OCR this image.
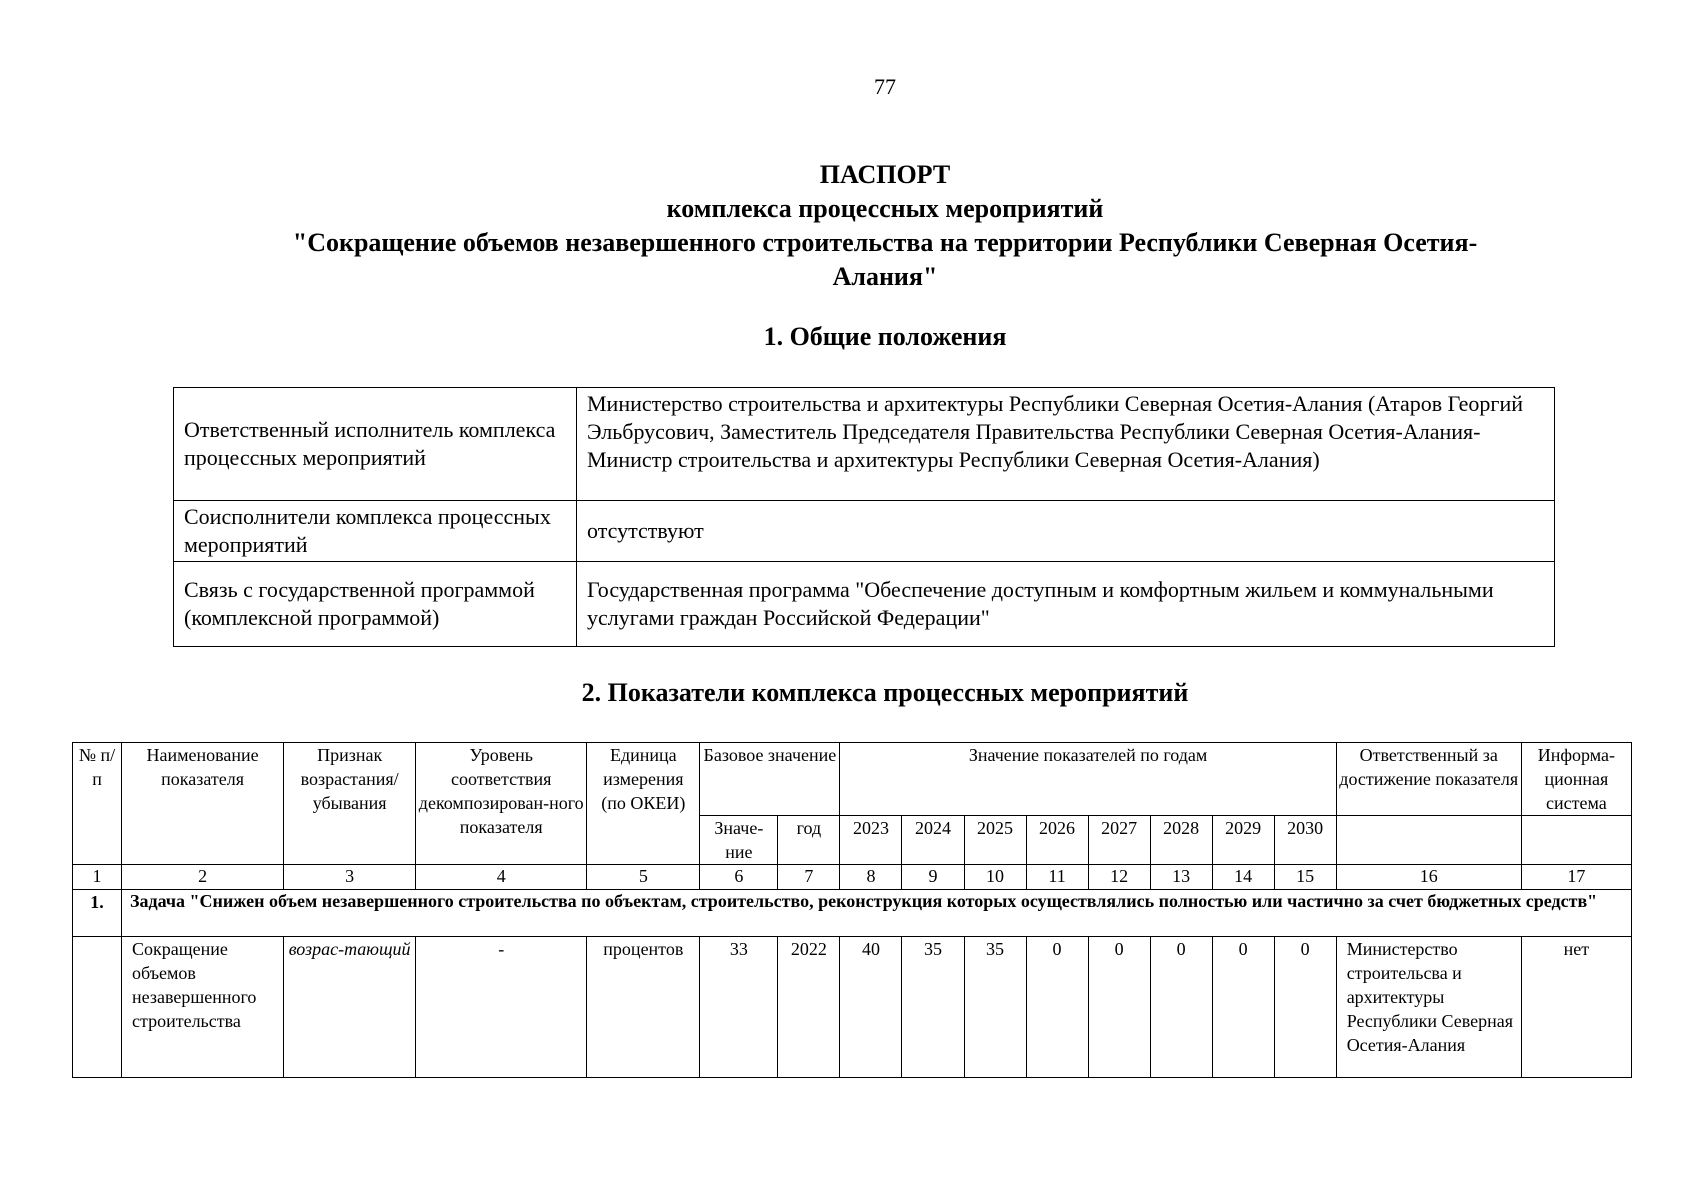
77
ПАСПОРТ
комплекса процессных мероприятий
"Сокращение объемов незавершенного строительства на территории Республики Северная Осетия-Алания"
1. Общие положения
Ответственный исполнитель комплекса процессных мероприятий	Министерство строительства и архитектуры Республики Северная Осетия-Алания (Атаров Георгий Эльбрусович, Заместитель Председателя Правительства Республики Северная Осетия-Алания-Министр строительства и архитектуры Республики Северная Осетия-Алания)
Соисполнители комплекса процессных мероприятий	отсутствуют
Связь с государственной программой (комплексной программой)	Государственная программа "Обеспечение доступным и комфортным жильем и коммунальными услугами граждан Российской Федерации"
2. Показатели комплекса процессных мероприятий
№ п/п	Наименование показателя	Признак возрастания/ убывания	Уровень соответствия декомпозирован-ного показателя	Единица измерения (по ОКЕИ)	Базовое значение		Значение показателей по годам								Ответственный за достижение показателя	Информа-ционная система
					Значе-ние	год	2023	2024	2025	2026	2027	2028	2029	2030		
1	2	3	4	5	6	7	8	9	10	11	12	13	14	15	16	17
1.	Задача "Снижен объем незавершенного строительства по объектам, строительство, реконструкция которых осуществлялись полностью или частично за счет бюджетных средств"															
	Сокращение объемов незавершенного строительства	возрас-тающий	-	процентов	33	2022	40	35	35	0	0	0	0	0	Министерство строительсва и архитектуры Республики Северная Осетия-Алания	нет
